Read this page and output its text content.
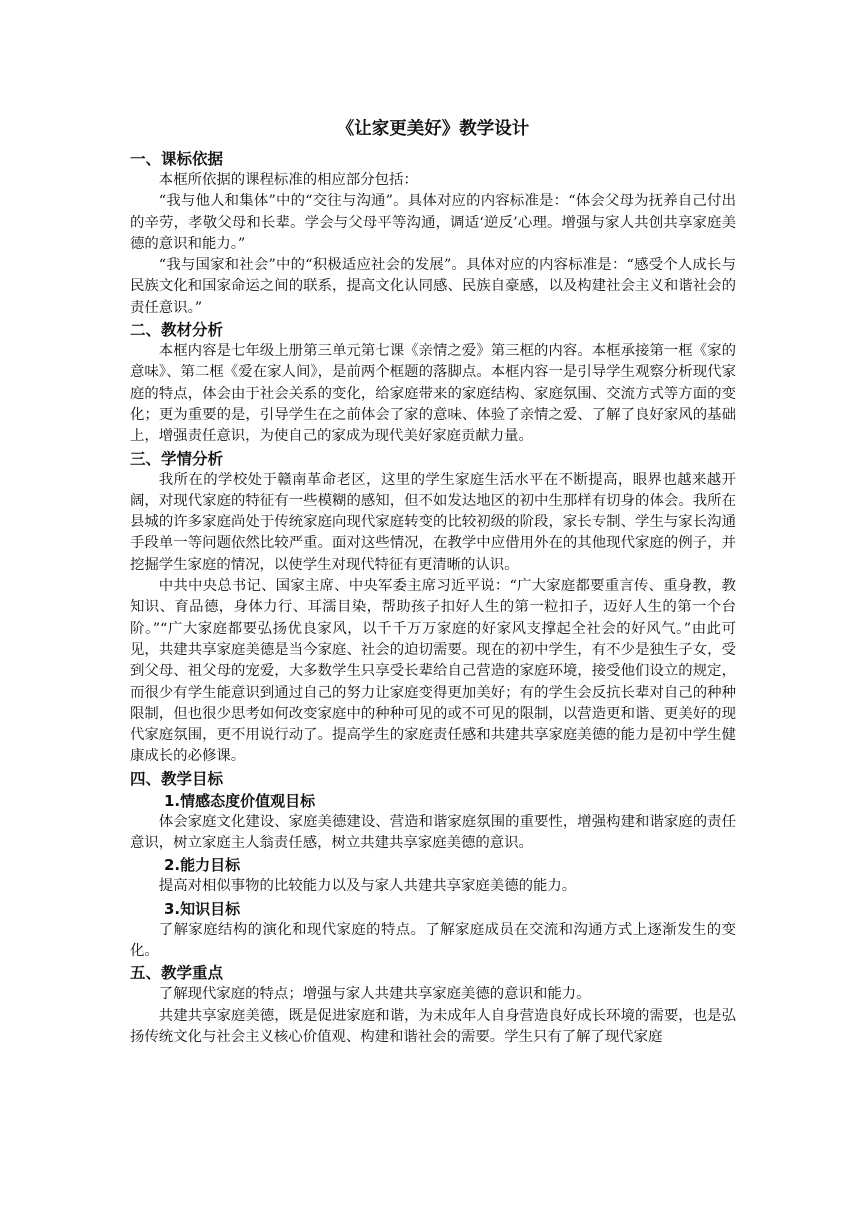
《让家更美好》教学设计
一、课标依据

本框所依据的课程标准的相应部分包括：

“我与他人和集体”中的“交往与沟通”。具体对应的内容标准是：“体会父母为抚养自己付出的辛劳，孝敬父母和长辈。学会与父母平等沟通，调适‘逆反’心理。增强与家人共创共享家庭美德的意识和能力。”

“我与国家和社会”中的“积极适应社会的发展”。具体对应的内容标准是：“感受个人成长与民族文化和国家命运之间的联系，提高文化认同感、民族自豪感，以及构建社会主义和谐社会的责任意识。”

二、教材分析

本框内容是七年级上册第三单元第七课《亲情之爱》第三框的内容。本框承接第一框《家的意味》、第二框《爱在家人间》，是前两个框题的落脚点。本框内容一是引导学生观察分析现代家庭的特点，体会由于社会关系的变化，给家庭带来的家庭结构、家庭氛围、交流方式等方面的变化；更为重要的是，引导学生在之前体会了家的意味、体验了亲情之爱、了解了良好家风的基础上，增强责任意识，为使自己的家成为现代美好家庭贡献力量。

三、学情分析

我所在的学校处于赣南革命老区，这里的学生家庭生活水平在不断提高，眼界也越来越开阔，对现代家庭的特征有一些模糊的感知，但不如发达地区的初中生那样有切身的体会。我所在县城的许多家庭尚处于传统家庭向现代家庭转变的比较初级的阶段，家长专制、学生与家长沟通手段单一等问题依然比较严重。面对这些情况，在教学中应借用外在的其他现代家庭的例子，并挖掘学生家庭的情况，以使学生对现代特征有更清晰的认识。

中共中央总书记、国家主席、中央军委主席习近平说：“广大家庭都要重言传、重身教，教知识、育品德，身体力行、耳濡目染，帮助孩子扣好人生的第一粒扣子，迈好人生的第一个台阶。”“广大家庭都要弘扬优良家风，以千千万万家庭的好家风支撑起全社会的好风气。”由此可见，共建共享家庭美德是当今家庭、社会的迫切需要。现在的初中学生，有不少是独生子女，受到父母、祖父母的宠爱，大多数学生只享受长辈给自己营造的家庭环境，接受他们设立的规定，而很少有学生能意识到通过自己的努力让家庭变得更加美好；有的学生会反抗长辈对自己的种种限制，但也很少思考如何改变家庭中的种种可见的或不可见的限制，以营造更和谐、更美好的现代家庭氛围，更不用说行动了。提高学生的家庭责任感和共建共享家庭美德的能力是初中学生健康成长的必修课。

四、教学目标
1.情感态度价值观目标

体会家庭文化建设、家庭美德建设、营造和谐家庭氛围的重要性，增强构建和谐家庭的责任意识，树立家庭主人翁责任感，树立共建共享家庭美德的意识。

2.能力目标

提高对相似事物的比较能力以及与家人共建共享家庭美德的能力。

3.知识目标

了解家庭结构的演化和现代家庭的特点。了解家庭成员在交流和沟通方式上逐渐发生的变化。

五、教学重点

了解现代家庭的特点；增强与家人共建共享家庭美德的意识和能力。

共建共享家庭美德，既是促进家庭和谐，为未成年人自身营造良好成长环境的需要，也是弘扬传统文化与社会主义核心价值观、构建和谐社会的需要。学生只有了解了现代家庭
